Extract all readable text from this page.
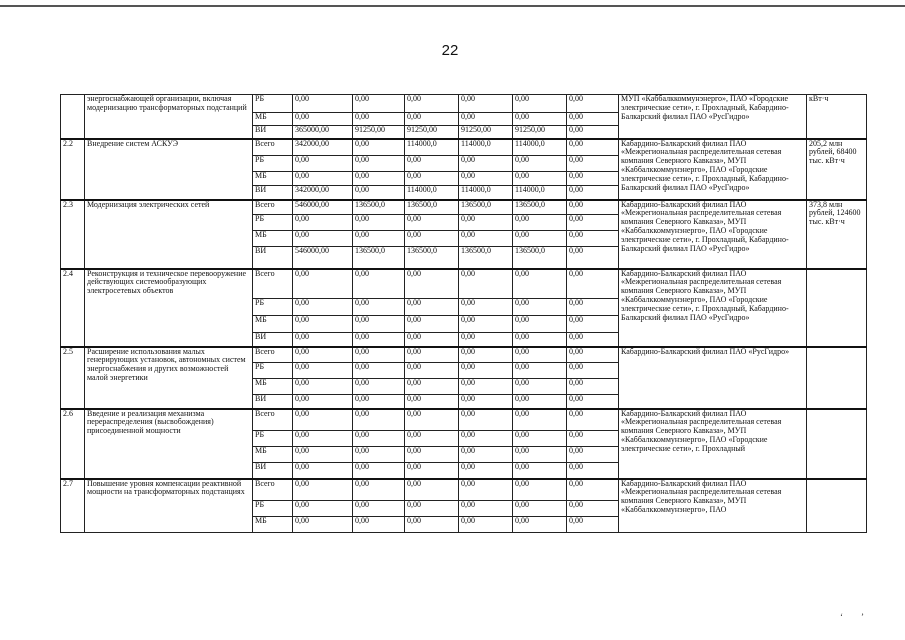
22
	энергоснабжающей организации, включая модернизацию трансформаторных подстанций	РБ	0,00	0,00	0,00	0,00	0,00	0,00	МУП «Каббалккоммунэнерго», ПАО «Городские электрические сети», г. Прохладный, Кабардино-Балкарский филиал ПАО «РусГидро»	кВт·ч
		МБ	0,00	0,00	0,00	0,00	0,00	0,00		
		ВИ	365000,00	91250,00	91250,00	91250,00	91250,00	0,00		
2.2	Внедрение систем АСКУЭ	Всего	342000,00	0,00	114000,0	114000,0	114000,0	0,00	Кабардино-Балкарский филиал ПАО «Межрегиональная распределительная сетевая компания Северного Кавказа», МУП «Каббалккоммунэнерго», ПАО «Городские электрические сети», г. Прохладный, Кабардино-Балкарский филиал ПАО «РусГидро»	205,2 млн рублей, 68400 тыс. кВт·ч
		РБ	0,00	0,00	0,00	0,00	0,00	0,00		
		МБ	0,00	0,00	0,00	0,00	0,00	0,00		
		ВИ	342000,00	0,00	114000,0	114000,0	114000,0	0,00		
2.3	Модернизация электрических сетей	Всего	546000,00	136500,0	136500,0	136500,0	136500,0	0,00	Кабардино-Балкарский филиал ПАО «Межрегиональная распределительная сетевая компания Северного Кавказа», МУП «Каббалккоммунэнерго», ПАО «Городские электрические сети», г. Прохладный, Кабардино-Балкарский филиал ПАО «РусГидро»	373,8 млн рублей, 124600 тыс. кВт·ч
		РБ	0,00	0,00	0,00	0,00	0,00	0,00		
		МБ	0,00	0,00	0,00	0,00	0,00	0,00		
		ВИ	546000,00	136500,0	136500,0	136500,0	136500,0	0,00		
2.4	Реконструкция и техническое перевооружение действующих системообразующих электросетевых объектов	Всего	0,00	0,00	0,00	0,00	0,00	0,00	Кабардино-Балкарский филиал ПАО «Межрегиональная распределительная сетевая компания Северного Кавказа», МУП «Каббалккоммунэнерго», ПАО «Городские электрические сети», г. Прохладный, Кабардино-Балкарский филиал ПАО «РусГидро»	
		РБ	0,00	0,00	0,00	0,00	0,00	0,00		
		МБ	0,00	0,00	0,00	0,00	0,00	0,00		
		ВИ	0,00	0,00	0,00	0,00	0,00	0,00		
2.5	Расширение использования малых генерирующих установок, автономных систем энергоснабжения и других возможностей малой энергетики	Всего	0,00	0,00	0,00	0,00	0,00	0,00	Кабардино-Балкарский филиал ПАО «РусГидро»	
		РБ	0,00	0,00	0,00	0,00	0,00	0,00		
		МБ	0,00	0,00	0,00	0,00	0,00	0,00		
		ВИ	0,00	0,00	0,00	0,00	0,00	0,00		
2.6	Введение и реализация механизма перераспределения (высвобождения) присоединенной мощности	Всего	0,00	0,00	0,00	0,00	0,00	0,00	Кабардино-Балкарский филиал ПАО «Межрегиональная распределительная сетевая компания Северного Кавказа», МУП «Каббалккоммунэнерго», ПАО «Городские электрические сети», г. Прохладный	
		РБ	0,00	0,00	0,00	0,00	0,00	0,00		
		МБ	0,00	0,00	0,00	0,00	0,00	0,00		
		ВИ	0,00	0,00	0,00	0,00	0,00	0,00		
2.7	Повышение уровня компенсации реактивной мощности на трансформаторных подстанциях	Всего	0,00	0,00	0,00	0,00	0,00	0,00	Кабардино-Балкарский филиал ПАО «Межрегиональная распределительная сетевая компания Северного Кавказа», МУП «Каббалккоммунэнерго», ПАО	
		РБ	0,00	0,00	0,00	0,00	0,00	0,00		
		МБ	0,00	0,00	0,00	0,00	0,00	0,00		
ʻ        ʼ
